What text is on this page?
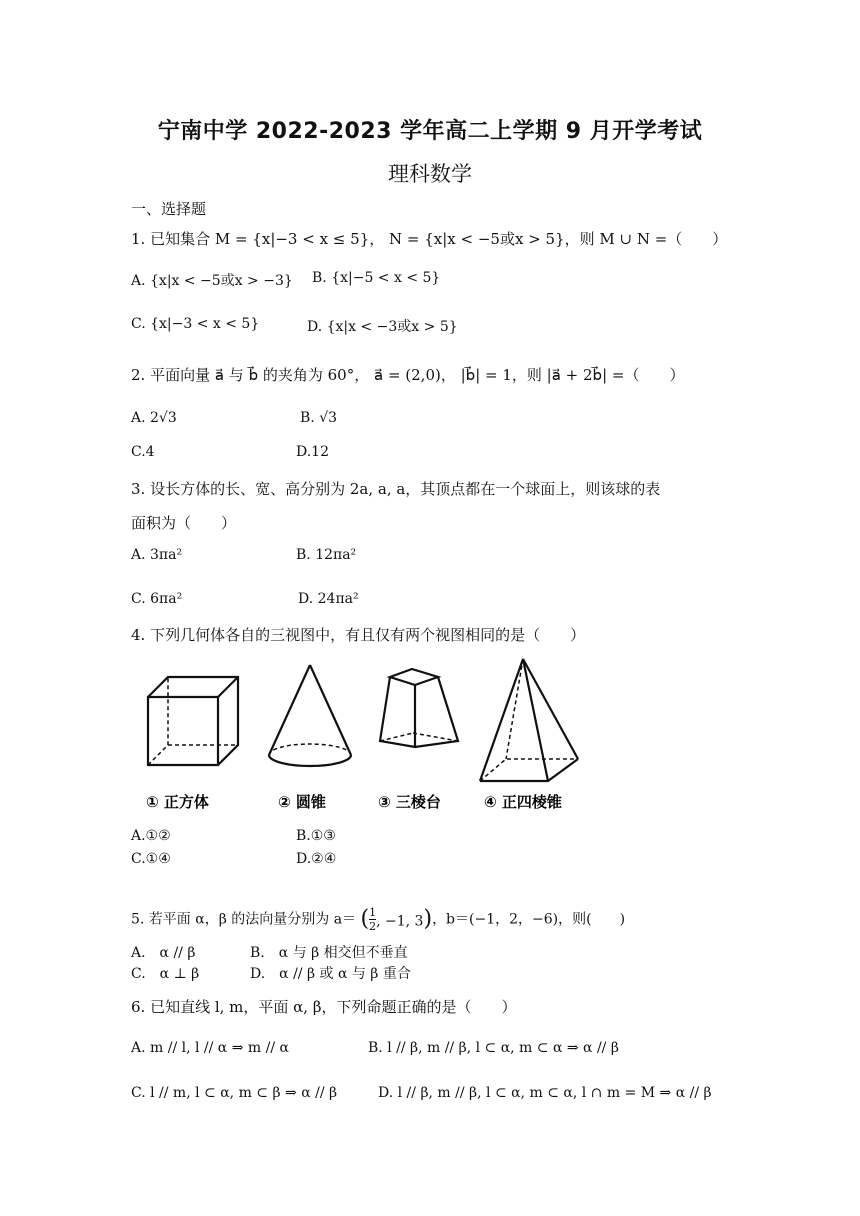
宁南中学 2022-2023 学年高二上学期 9 月开学考试
理科数学
一、选择题
1. 已知集合 M = {x|−3 < x ≤ 5}， N = {x|x < −5或x > 5}，则 M ∪ N =（　　）
A. {x|x < −5或x > −3} B. {x|−5 < x < 5}
C. {x|−3 < x < 5}	D. {x|x < −3或x > 5}
2. 平面向量 a⃗ 与 b⃗ 的夹角为 60°， a⃗ = (2,0)， |b⃗| = 1，则 |a⃗ + 2b⃗| =（　　）
A. 2√3	B. √3
C.4	D.12
3. 设长方体的长、宽、高分别为 2a, a, a，其顶点都在一个球面上，则该球的表
面积为（　　）
A. 3πa²	B. 12πa²
C. 6πa²	D. 24πa²
4. 下列几何体各自的三视图中，有且仅有两个视图相同的是（　　）
① 正方体	② 圆锥	③ 三棱台	④ 正四棱锥
A.①②	B.①③
C.①④	D.②④
5. 若平面 α，β 的法向量分别为 a＝ ( $\frac{1}{2}$ , −1, 3)，b＝(−1，2，−6)，则(　　)
A.　α // β	B.　α 与 β 相交但不垂直
C.　α ⊥ β	D.　α // β 或 α 与 β 重合
6. 已知直线 l, m，平面 α, β，下列命题正确的是（　　）
A. m // l, l // α ⇒ m // α	B. l // β, m // β, l ⊂ α, m ⊂ α ⇒ α // β
C. l // m, l ⊂ α, m ⊂ β ⇒ α // β	D. l // β, m // β, l ⊂ α, m ⊂ α, l ∩ m = M ⇒ α // β
